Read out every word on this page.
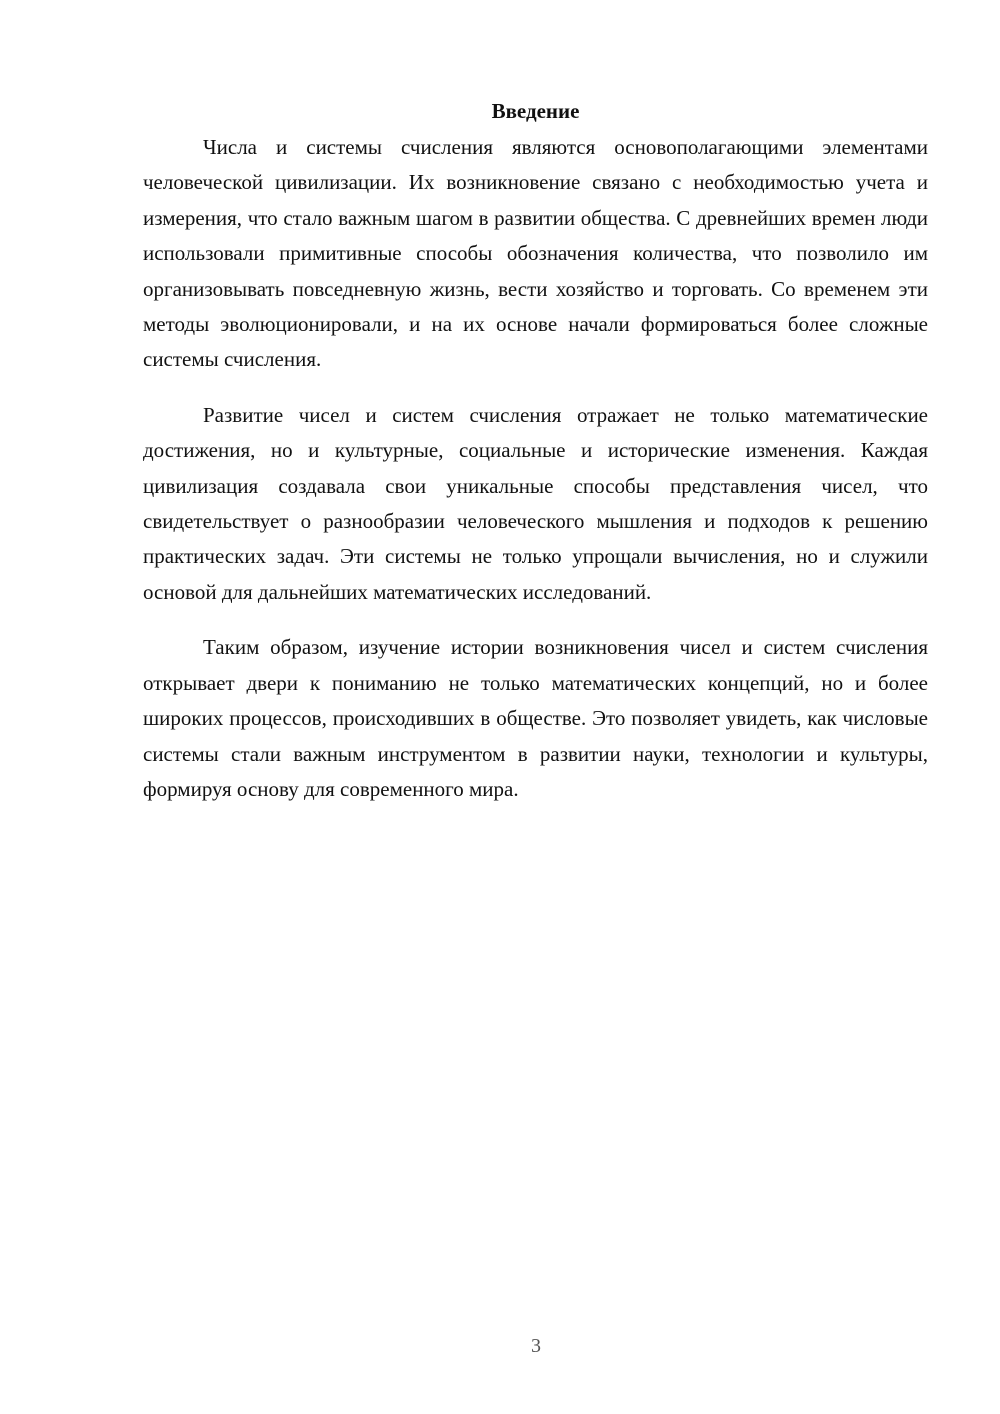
Введение

Числа и системы счисления являются основополагающими элементами человеческой цивилизации. Их возникновение связано с необходимостью учета и измерения, что стало важным шагом в развитии общества. С древнейших времен люди использовали примитивные способы обозначения количества, что позволило им организовывать повседневную жизнь, вести хозяйство и торговать. Со временем эти методы эволюционировали, и на их основе начали формироваться более сложные системы счисления.

Развитие чисел и систем счисления отражает не только математические достижения, но и культурные, социальные и исторические изменения. Каждая цивилизация создавала свои уникальные способы представления чисел, что свидетельствует о разнообразии человеческого мышления и подходов к решению практических задач. Эти системы не только упрощали вычисления, но и служили основой для дальнейших математических исследований.

Таким образом, изучение истории возникновения чисел и систем счисления открывает двери к пониманию не только математических концепций, но и более широких процессов, происходивших в обществе. Это позволяет увидеть, как числовые системы стали важным инструментом в развитии науки, технологии и культуры, формируя основу для современного мира.

3
